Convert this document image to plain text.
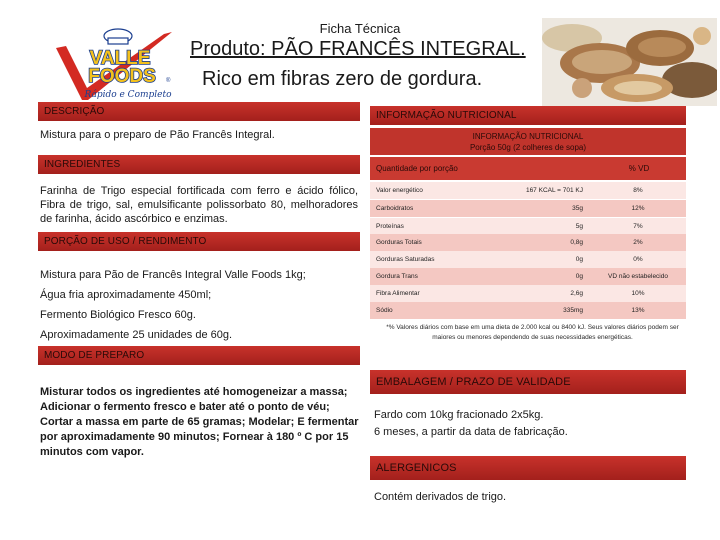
Ficha Técnica
Produto: PÃO FRANCÊS INTEGRAL.
Rico em fibras zero de gordura.
VALLE
FOODS ®
Rápido e Completo
DESCRIÇÃO
Mistura para o preparo de Pão Francês Integral.
INGREDIENTES
Farinha de Trigo especial fortificada com ferro e ácido fólico, Fibra de trigo, sal, emulsificante polissorbato 80, melhoradores de farinha, ácido ascórbico e enzimas.
PORÇÃO DE USO / RENDIMENTO
Mistura para Pão de Francês Integral Valle Foods 1kg;
Água fria aproximadamente 450ml;
Fermento Biológico Fresco 60g.
Aproximadamente 25 unidades de 60g.
MODO DE PREPARO
Misturar todos os ingredientes até homogeneizar a massa; Adicionar o fermento fresco e bater até o ponto de véu; Cortar a massa em parte de 65 gramas; Modelar; E fermentar por aproximadamente 90 minutos; Fornear à 180 º C por 15 minutos com vapor.
INFORMAÇÃO NUTRICIONAL
INFORMAÇÃO NUTRICIONAL
Porção 50g (2 colheres de sopa)
Quantidade por porção	% VD
Valor energético	167 KCAL = 701 KJ	8%
Carboidratos	35g	12%
Proteínas	5g	7%
Gorduras Totais	0,8g	2%
Gorduras Saturadas	0g	0%
Gordura Trans	0g	VD não estabelecido
Fibra Alimentar	2,6g	10%
Sódio	335mg	13%
*% Valores diários com base em uma dieta de 2.000 kcal ou 8400 kJ. Seus valores diários podem ser maiores ou menores dependendo de suas necessidades energéticas.
EMBALAGEM / PRAZO DE VALIDADE
Fardo com 10kg fracionado 2x5kg.
6 meses, a partir da data de fabricação.
ALERGENICOS
Contém derivados de trigo.
